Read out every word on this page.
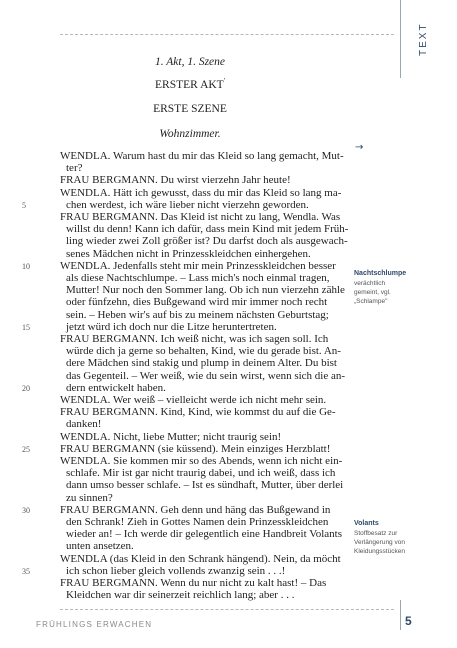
TEXT
1. Akt, 1. Szene
ERSTER AKT'
ERSTE SZENE
Wohnzimmer.
→
WENDLA. Warum hast du mir das Kleid so lang gemacht, Mut-
ter?
FRAU BERGMANN. Du wirst vierzehn Jahr heute!
WENDLA. Hätt ich gewusst, dass du mir das Kleid so lang ma-
chen werdest, ich wäre lieber nicht vierzehn geworden.
FRAU BERGMANN. Das Kleid ist nicht zu lang, Wendla. Was
willst du denn! Kann ich dafür, dass mein Kind mit jedem Früh-
ling wieder zwei Zoll größer ist? Du darfst doch als ausgewach-
senes Mädchen nicht in Prinzesskleidchen einhergehen.
WENDLA. Jedenfalls steht mir mein Prinzesskleidchen besser
als diese Nachtschlumpe. – Lass mich's noch einmal tragen,
Mutter! Nur noch den Sommer lang. Ob ich nun vierzehn zähle
oder fünfzehn, dies Bußgewand wird mir immer noch recht
sein. – Heben wir's auf bis zu meinem nächsten Geburtstag;
jetzt würd ich doch nur die Litze heruntertreten.
FRAU BERGMANN. Ich weiß nicht, was ich sagen soll. Ich
würde dich ja gerne so behalten, Kind, wie du gerade bist. An-
dere Mädchen sind stakig und plump in deinem Alter. Du bist
das Gegenteil. – Wer weiß, wie du sein wirst, wenn sich die an-
dern entwickelt haben.
WENDLA. Wer weiß – vielleicht werde ich nicht mehr sein.
FRAU BERGMANN. Kind, Kind, wie kommst du auf die Ge-
danken!
WENDLA. Nicht, liebe Mutter; nicht traurig sein!
FRAU BERGMANN (sie küssend). Mein einziges Herzblatt!
WENDLA. Sie kommen mir so des Abends, wenn ich nicht ein-
schlafe. Mir ist gar nicht traurig dabei, und ich weiß, dass ich
dann umso besser schlafe. – Ist es sündhaft, Mutter, über derlei
zu sinnen?
FRAU BERGMANN. Geh denn und häng das Bußgewand in
den Schrank! Zieh in Gottes Namen dein Prinzesskleidchen
wieder an! – Ich werde dir gelegentlich eine Handbreit Volants
unten ansetzen.
WENDLA (das Kleid in den Schrank hängend). Nein, da möcht
ich schon lieber gleich vollends zwanzig sein . . .!
FRAU BERGMANN. Wenn du nur nicht zu kalt hast! – Das
Kleidchen war dir seinerzeit reichlich lang; aber . . .
5
10
15
20
25
30
35
Nachtschlumpe
verächtlich
gemeint, vgl.
„Schlampe"
Volants
Stoffbesatz zur
Verlängerung von
Kleidungsstücken
FRÜHLINGS ERWACHEN	5
